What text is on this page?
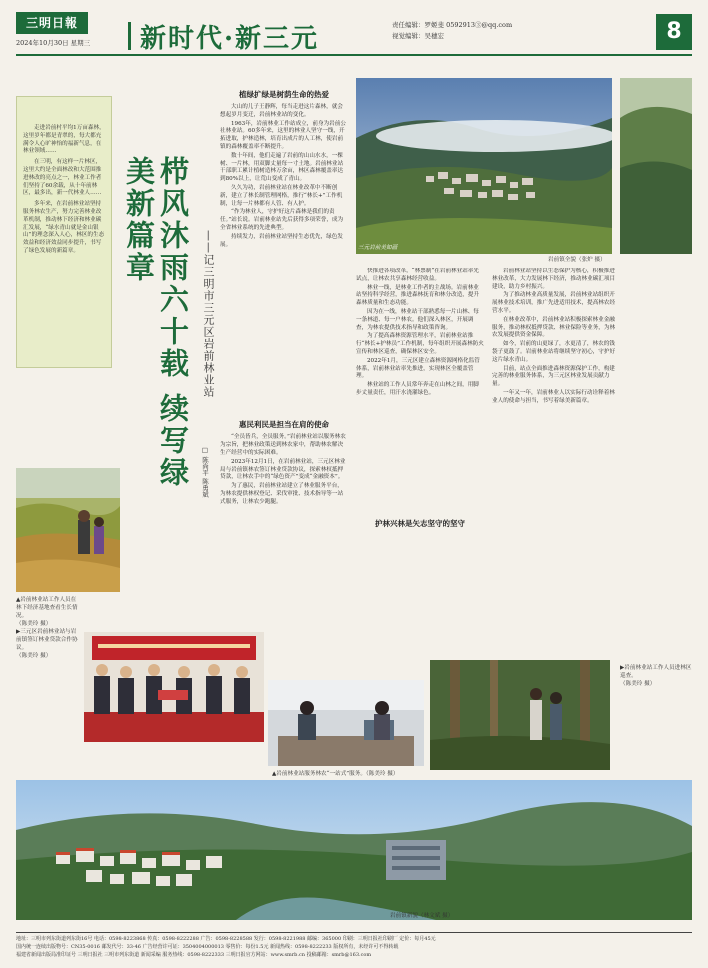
三明日報
2024年10月30日 星期三 新时代·新三元	责任编辑：罗姬斐 0592913③@qq.com
视觉编辑：吴穗宏	8

走进岩前村平均1万亩森林，这里岁年都是青翠的，每大都充满令人心旷神怡的福新气息，在林业领域……

在三明，有这样一片林区，这里大约是全面林改和大范围推进林改的亮点之一，林业工作者们坚持了60余载，从十年前林区，最多出，新一代林业人……

多年来，在岩前林业站坚持服务林农生产，努力完善林业改革机制，推动林下经济和林业碳汇发展，“绿水青山就是金山银山”的理念深入人心，林区的生态效益和经济效益同步提升，书写了绿色发展的新篇章。	栉风沐雨六十载 续写绿美新篇章
——记三明市三元区岩前林业站
□ 陈尚平 陈勇斌
▲岩前林业站工作人员在林下经济基地查看生长情况。
（陈美玲 摄）
▶三元区岩前林业站与岩前镇签订林业贷款合作协议。
（陈美玲 摄）
植绿扩绿是树荫生命的热爱

大山的儿子王静辉，每当走进这片森林，就会想起岁月变迁，岩前林业站的变化。

1963年，岩前林业工作站成立，前身为岩前公社林业站。60多年来，这里的林业人坚守一线，开拓进取，护林造林，培育出成片的人工林，使岩前镇的森林覆盖率不断提升。

数十年间，他们走遍了岩前的山山水水，一棵树、一片林，用双脚丈量每一寸土地。岩前林业站干部职工累计植树造林万余亩，林区森林覆盖率达到80%以上，让荒山变成了青山。

久久为功，岩前林业站在林业改革中不断创新，建立了林长制管理网格，推行“林长+”工作机制，让每一片林都有人管、有人护。

“作为林业人，守护好这片森林是我们的责任。”站长说。岩前林业站先后获得多项荣誉，成为全省林业系统的先进典型。

持续发力，岩前林业站坚持生态优先，绿色发展。

惠民利民是担当在肩的使命

“全员皆兵，全员服务。”岩前林业站以服务林农为宗旨，把林业政策送到林农家中，帮助林农解决生产经营中的实际困难。

2023年12月1日，在岩前林业站，三元区林业局与岩前镇林农签订林业贷款协议，探索林权抵押贷款，让林农手中的“绿色资产”变成“金融资本”。

为了惠民，岩前林业站建立了林业服务平台，为林农提供林权登记、采伐审批、技术指导等一站式服务，让林农少跑腿。

三元岩前美如画
岩前镇全貌（张炉 摄）

快推进各项改革，“林票制”在岩前林业站率先试点，让林农共享森林经营收益。

林业一线，是林业工作者的主战场。岩前林业站坚持科学经营，推进森林抚育和林分改造，提升森林质量和生态功能。

因为在一线，林业站干部熟悉每一片山林、每一条林道、每一户林农。他们深入林区，开展调查，为林农提供技术指导和政策咨询。

为了提高森林资源管理水平，岩前林业站推行“林长+护林员”工作机制，每年组织开展森林防火宣传和林区巡查，确保林区安全。

2022年1月，三元区建立森林资源网格化监管体系，岩前林业站率先推进，实现林区全覆盖管理。

林业站的工作人员常年奔走在山林之间，用脚步丈量责任，用汗水浇灌绿色。

护林兴林是矢志坚守的坚守

岩前林业站坚持以生态保护为核心，积极推进林业改革，大力发展林下经济，推动林业碳汇项目建设，助力乡村振兴。

为了推动林业高质量发展，岩前林业站组织开展林业技术培训，推广先进适用技术，提高林农经营水平。

在林业改革中，岩前林业站积极探索林业金融服务，推动林权抵押贷款、林业保险等业务，为林农发展提供资金保障。

如今，岩前的山更绿了，水更清了，林农的钱袋子更鼓了。岩前林业站将继续坚守初心，守护好这片绿水青山。

目前，站点全面推进森林资源保护工作，构建完善的林业服务体系，为三元区林业发展贡献力量。

一年又一年，岩前林业人以实际行动诠释着林业人的使命与担当，书写着绿美新篇章。

▲岩前林业站服务林农“一站式”服务。（陈美玲 摄）
▶岩前林业站工作人员进林区巡查。
（陈美玲 摄）
岩前镇新貌（林文斌 摄）
地址：三明市列东街道列东街16号 电话：0598-8223868 传真：0598-8222288 广告：0598-8228588 发行：0598-8221988 邮编：365000 印刷：三明日报社印刷厂 定价：每月45元
国内统一连续出版物号：CN35-0016 邮发代号：33-46 广告经营许可证：3504004000013 零售价：每份1.5元 新闻热线：0598-8222233 版权所有，未经许可不得转载
福建省新闻出版局准印证号 三明日报社 三明市列东街道 新闻采编 服务热线：0598-8222333 三明日报官方网站：www.smrb.cn 投稿邮箱：smrb@163.com
